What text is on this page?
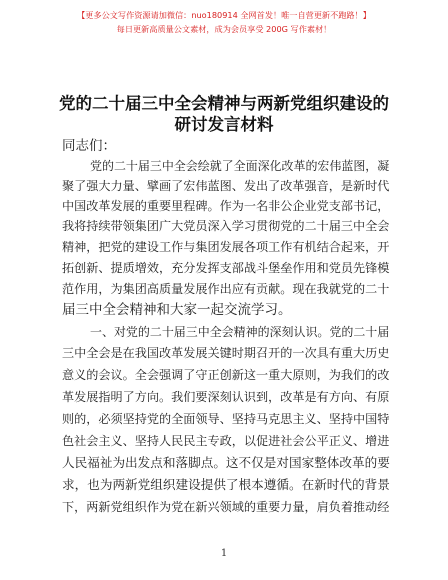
【更多公文写作资源请加微信：nuo180914 全网首发！唯一自营更新不跑路！】
每日更新高质量公文素材，成为会员享受 200G 写作素材！
党的二十届三中全会精神与两新党组织建设的
研讨发言材料
同志们：
党的二十届三中全会绘就了全面深化改革的宏伟蓝图，凝
聚了强大力量、擘画了宏伟蓝图、发出了改革强音，是新时代
中国改革发展的重要里程碑。作为一名非公企业党支部书记，
我将持续带领集团广大党员深入学习贯彻党的二十届三中全会
精神，把党的建设工作与集团发展各项工作有机结合起来，开
拓创新、提质增效，充分发挥支部战斗堡垒作用和党员先锋模
范作用，为集团高质量发展作出应有贡献。现在我就党的二十
届三中全会精神和大家一起交流学习。
一、对党的二十届三中全会精神的深刻认识。党的二十届
三中全会是在我国改革发展关键时期召开的一次具有重大历史
意义的会议。全会强调了守正创新这一重大原则，为我们的改
革发展指明了方向。我们要深刻认识到，改革是有方向、有原
则的，必须坚持党的全面领导、坚持马克思主义、坚持中国特
色社会主义、坚持人民民主专政，以促进社会公平正义、增进
人民福祉为出发点和落脚点。这不仅是对国家整体改革的要
求，也为两新党组织建设提供了根本遵循。在新时代的背景
下，两新党组织作为党在新兴领域的重要力量，肩负着推动经
1
